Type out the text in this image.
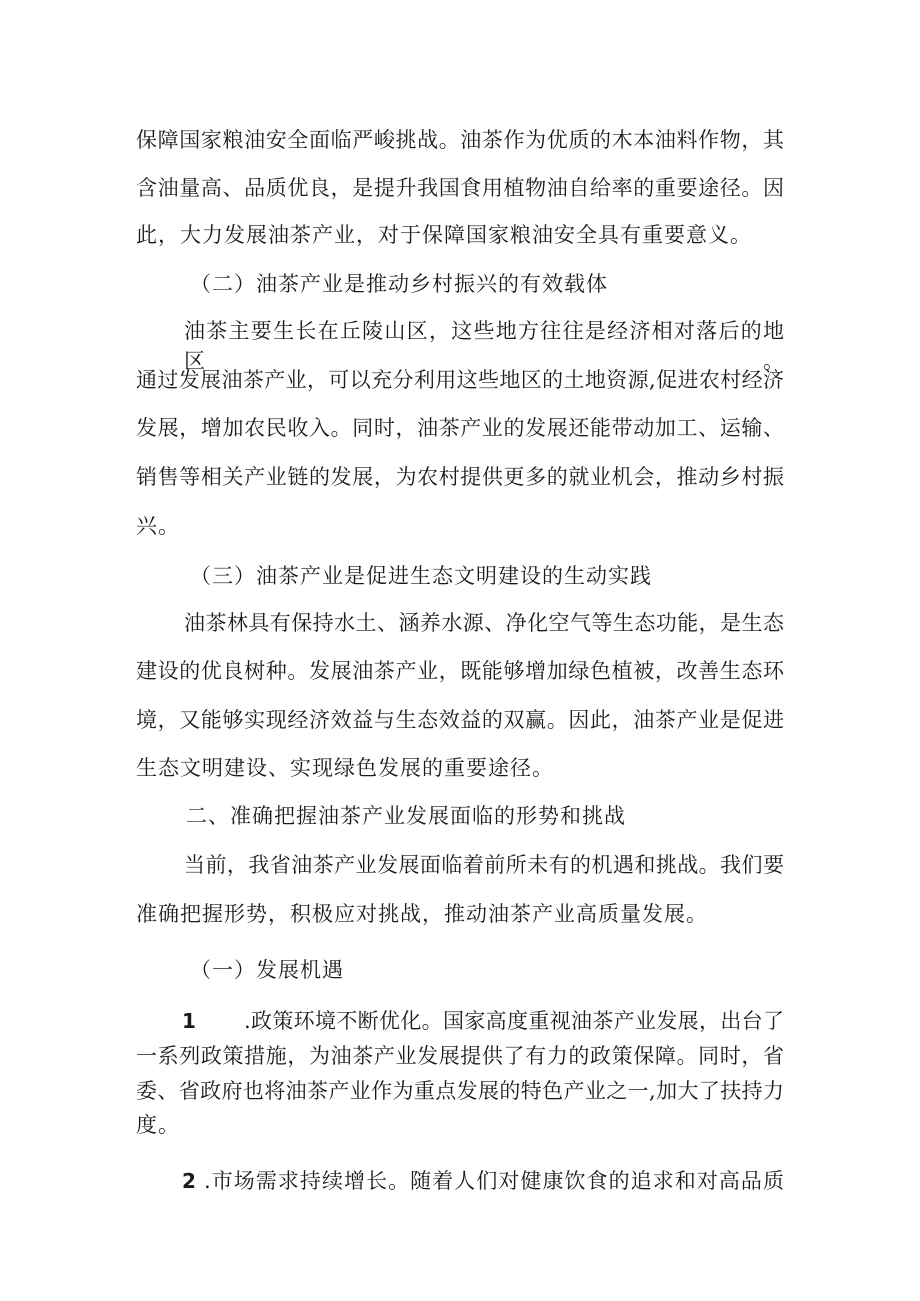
保障国家粮油安全面临严峻挑战。油茶作为优质的木本油料作物，其
含油量高、品质优良，是提升我国食用植物油自给率的重要途径。因
此，大力发展油茶产业，对于保障国家粮油安全具有重要意义。
（二）油茶产业是推动乡村振兴的有效载体
油茶主要生长在丘陵山区，这些地方往往是经济相对落后的地区。
通过发展油茶产业，可以充分利用这些地区的土地资源,促进农村经济
发展，增加农民收入。同时，油茶产业的发展还能带动加工、运输、
销售等相关产业链的发展，为农村提供更多的就业机会，推动乡村振
兴。
（三）油茶产业是促进生态文明建设的生动实践
油茶林具有保持水土、涵养水源、净化空气等生态功能，是生态
建设的优良树种。发展油茶产业，既能够增加绿色植被，改善生态环
境，又能够实现经济效益与生态效益的双赢。因此，油茶产业是促进
生态文明建设、实现绿色发展的重要途径。
二、准确把握油茶产业发展面临的形势和挑战
当前，我省油茶产业发展面临着前所未有的机遇和挑战。我们要
准确把握形势，积极应对挑战，推动油茶产业高质量发展。
（一）发展机遇
1 .政策环境不断优化。国家高度重视油茶产业发展，出台了
一系列政策措施，为油茶产业发展提供了有力的政策保障。同时，省
委、省政府也将油茶产业作为重点发展的特色产业之一,加大了扶持力
度。
2 .市场需求持续增长。随着人们对健康饮食的追求和对高品质
